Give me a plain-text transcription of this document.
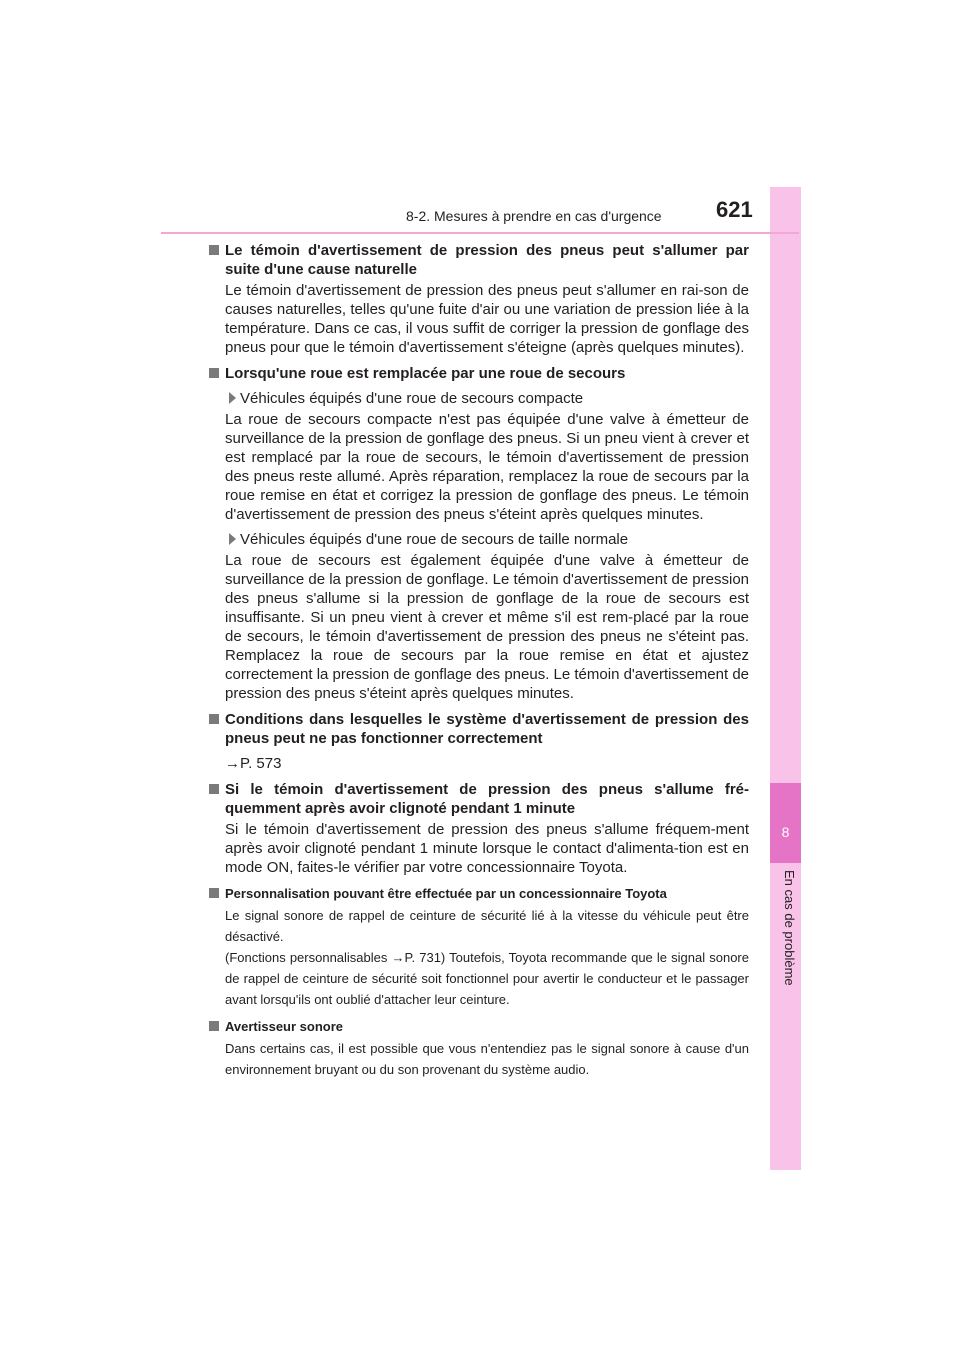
8
En cas de problème
8-2. Mesures à prendre en cas d'urgence 621
Le témoin d'avertissement de pression des pneus peut s'allumer par suite d'une cause naturelle
Le témoin d'avertissement de pression des pneus peut s'allumer en rai-son de causes naturelles, telles qu'une fuite d'air ou une variation de pression liée à la température. Dans ce cas, il vous suffit de corriger la pression de gonflage des pneus pour que le témoin d'avertissement s'éteigne (après quelques minutes).
Lorsqu'une roue est remplacée par une roue de secours
Véhicules équipés d'une roue de secours compacte
La roue de secours compacte n'est pas équipée d'une valve à émetteur de surveillance de la pression de gonflage des pneus. Si un pneu vient à crever et est remplacé par la roue de secours, le témoin d'avertissement de pression des pneus reste allumé. Après réparation, remplacez la roue de secours par la roue remise en état et corrigez la pression de gonflage des pneus. Le témoin d'avertissement de pression des pneus s'éteint après quelques minutes.
Véhicules équipés d'une roue de secours de taille normale
La roue de secours est également équipée d'une valve à émetteur de surveillance de la pression de gonflage. Le témoin d'avertissement de pression des pneus s'allume si la pression de gonflage de la roue de secours est insuffisante. Si un pneu vient à crever et même s'il est rem-placé par la roue de secours, le témoin d'avertissement de pression des pneus ne s'éteint pas. Remplacez la roue de secours par la roue remise en état et ajustez correctement la pression de gonflage des pneus. Le témoin d'avertissement de pression des pneus s'éteint après quelques minutes.
Conditions dans lesquelles le système d'avertissement de pression des pneus peut ne pas fonctionner correctement
→P. 573
Si le témoin d'avertissement de pression des pneus s'allume fré-quemment après avoir clignoté pendant 1 minute
Si le témoin d'avertissement de pression des pneus s'allume fréquem-ment après avoir clignoté pendant 1 minute lorsque le contact d'alimenta-tion est en mode ON, faites-le vérifier par votre concessionnaire Toyota.
Personnalisation pouvant être effectuée par un concessionnaire Toyota
Le signal sonore de rappel de ceinture de sécurité lié à la vitesse du véhicule peut être désactivé.
(Fonctions personnalisables →P. 731) Toutefois, Toyota recommande que le signal sonore de rappel de ceinture de sécurité soit fonctionnel pour avertir le conducteur et le passager avant lorsqu'ils ont oublié d'attacher leur ceinture.
Avertisseur sonore
Dans certains cas, il est possible que vous n'entendiez pas le signal sonore à cause d'un environnement bruyant ou du son provenant du système audio.
